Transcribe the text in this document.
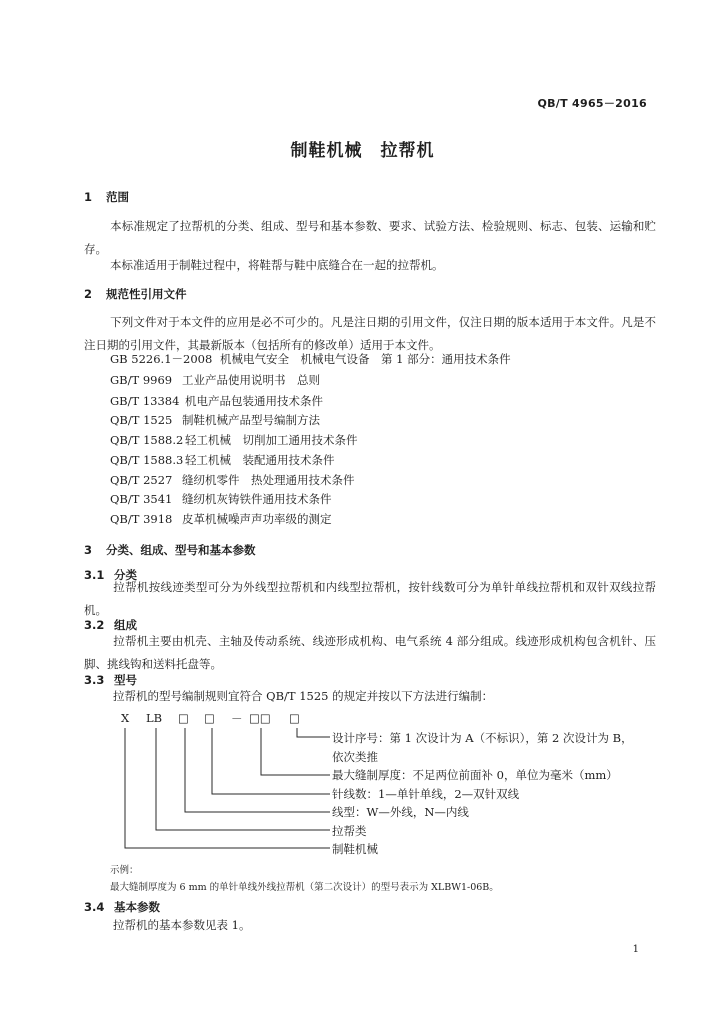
QB/T 4965－2016
制鞋机械　拉帮机
1 范围
本标准规定了拉帮机的分类、组成、型号和基本参数、要求、试验方法、检验规则、标志、包装、运输和贮存。
本标准适用于制鞋过程中，将鞋帮与鞋中底缝合在一起的拉帮机。
2 规范性引用文件
下列文件对于本文件的应用是必不可少的。凡是注日期的引用文件，仅注日期的版本适用于本文件。凡是不注日期的引用文件，其最新版本（包括所有的修改单）适用于本文件。
GB 5226.1－2008 机械电气安全　机械电气设备　第 1 部分：通用技术条件
GB/T 9969 工业产品使用说明书　总则
GB/T 13384 机电产品包装通用技术条件
QB/T 1525 制鞋机械产品型号编制方法
QB/T 1588.2 轻工机械　切削加工通用技术条件
QB/T 1588.3 轻工机械　装配通用技术条件
QB/T 2527 缝纫机零件　热处理通用技术条件
QB/T 3541 缝纫机灰铸铁件通用技术条件
QB/T 3918 皮革机械噪声声功率级的测定
3 分类、组成、型号和基本参数
3.1 分类
拉帮机按线迹类型可分为外线型拉帮机和内线型拉帮机，按针线数可分为单针单线拉帮机和双针双线拉帮机。
3.2 组成
拉帮机主要由机壳、主轴及传动系统、线迹形成机构、电气系统 4 部分组成。线迹形成机构包含机针、压脚、挑线钩和送料托盘等。
3.3 型号
拉帮机的型号编制规则宜符合 QB/T 1525 的规定并按以下方法进行编制：
X LB □ □ － □□ □
设计序号：第 1 次设计为 A（不标识），第 2 次设计为 B，
依次类推
最大缝制厚度：不足两位前面补 0，单位为毫米（mm）
针线数：1—单针单线，2—双针双线
线型：W—外线，N—内线
拉帮类
制鞋机械
示例：
最大缝制厚度为 6 mm 的单针单线外线拉帮机（第二次设计）的型号表示为 XLBW1-06B。
3.4 基本参数
拉帮机的基本参数见表 1。
1
